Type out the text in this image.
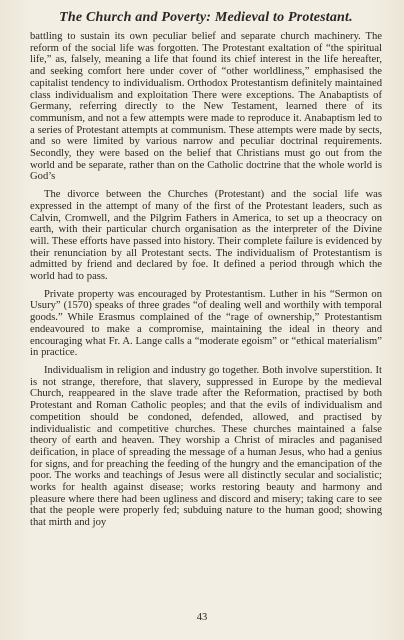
The Church and Poverty: Medieval to Protestant.

battling to sustain its own peculiar belief and separate church machinery. The reform of the social life was forgotten. The Protestant exaltation of “the spiritual life,” as, falsely, meaning a life that found its chief interest in the life hereafter, and seeking comfort here under cover of “other worldliness,” emphasised the capitalist tendency to individualism. Orthodox Protestantism definitely maintained class individualism and exploitation There were exceptions. The Anabaptists of Germany, referring directly to the New Testament, learned there of its communism, and not a few attempts were made to reproduce it. Anabaptism led to a series of Protestant attempts at communism. These attempts were made by sects, and so were limited by various narrow and peculiar doctrinal requirements. Secondly, they were based on the belief that Christians must go out from the world and be separate, rather than on the Catholic doctrine that the whole world is God’s

The divorce between the Churches (Protestant) and the social life was expressed in the attempt of many of the first of the Protestant leaders, such as Calvin, Cromwell, and the Pilgrim Fathers in America, to set up a theocracy on earth, with their particular church organisation as the interpreter of the Divine will. These efforts have passed into history. Their complete failure is evidenced by their renunciation by all Protestant sects. The individualism of Protestantism is admitted by friend and declared by foe. It defined a period through which the world had to pass.

Private property was encouraged by Protestantism. Luther in his “Sermon on Usury” (1570) speaks of three grades “of dealing well and worthily with temporal goods.” While Erasmus complained of the “rage of ownership,” Protestantism endeavoured to make a compromise, maintaining the ideal in theory and encouraging what Fr. A. Lange calls a “moderate egoism” or “ethical materialism” in practice.

Individualism in religion and industry go together. Both involve superstition. It is not strange, therefore, that slavery, suppressed in Europe by the medieval Church, reappeared in the slave trade after the Reformation, practised by both Protestant and Roman Catholic peoples; and that the evils of individualism and competition should be condoned, defended, allowed, and practised by individualistic and competitive churches. These churches maintained a false theory of earth and heaven. They worship a Christ of miracles and paganised deification, in place of spreading the message of a human Jesus, who had a genius for signs, and for preaching the feeding of the hungry and the emancipation of the poor. The works and teachings of Jesus were all distinctly secular and socialistic; works for health against disease; works restoring beauty and harmony and pleasure where there had been ugliness and discord and misery; taking care to see that the people were properly fed; subduing nature to the human good; showing that mirth and joy

43
